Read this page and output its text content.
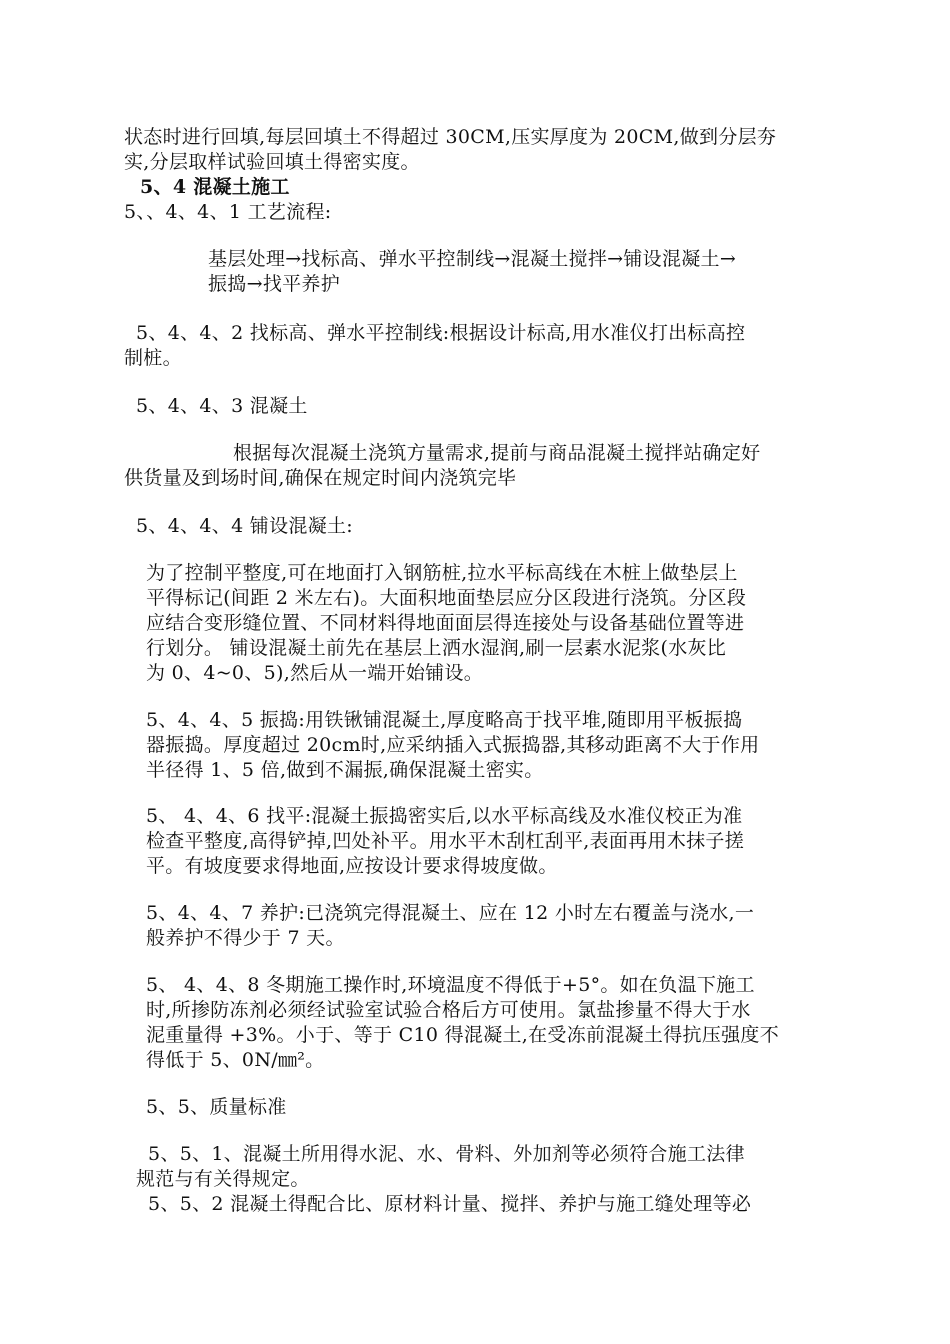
状态时进行回填,每层回填土不得超过 30CM,压实厚度为 20CM,做到分层夯
实,分层取样试验回填土得密实度。
5、4 混凝土施工
5、、4、4、1 工艺流程:
基层处理→找标高、弹水平控制线→混凝土搅拌→铺设混凝土→
振捣→找平养护
5、4、4、2 找标高、弹水平控制线:根据设计标高,用水准仪打出标高控
制桩。
5、4、4、3 混凝土
根据每次混凝土浇筑方量需求,提前与商品混凝土搅拌站确定好
供货量及到场时间,确保在规定时间内浇筑完毕
5、4、4、4 铺设混凝土:
为了控制平整度,可在地面打入钢筋桩,拉水平标高线在木桩上做垫层上
平得标记(间距 2 米左右)。大面积地面垫层应分区段进行浇筑。分区段
应结合变形缝位置、不同材料得地面面层得连接处与设备基础位置等进
行划分。 铺设混凝土前先在基层上洒水湿润,刷一层素水泥浆(水灰比
为 0、4~0、5),然后从一端开始铺设。
5、4、4、5 振捣:用铁锹铺混凝土,厚度略高于找平堆,随即用平板振捣
器振捣。厚度超过 20cm时,应采纳插入式振捣器,其移动距离不大于作用
半径得 1、5 倍,做到不漏振,确保混凝土密实。
5、 4、4、6 找平:混凝土振捣密实后,以水平标高线及水准仪校正为准
检查平整度,高得铲掉,凹处补平。用水平木刮杠刮平,表面再用木抹子搓
平。有坡度要求得地面,应按设计要求得坡度做。
5、4、4、7 养护:已浇筑完得混凝土、应在 12 小时左右覆盖与浇水,一
般养护不得少于 7 天。
5、 4、4、8 冬期施工操作时,环境温度不得低于+5°。如在负温下施工
时,所掺防冻剂必须经试验室试验合格后方可使用。氯盐掺量不得大于水
泥重量得 +3%。小于、等于 C10 得混凝土,在受冻前混凝土得抗压强度不
得低于 5、0N/㎜²。
5、5、质量标准
5、5、1、混凝土所用得水泥、水、骨料、外加剂等必须符合施工法律
规范与有关得规定。
5、5、2 混凝土得配合比、原材料计量、搅拌、养护与施工缝处理等必
